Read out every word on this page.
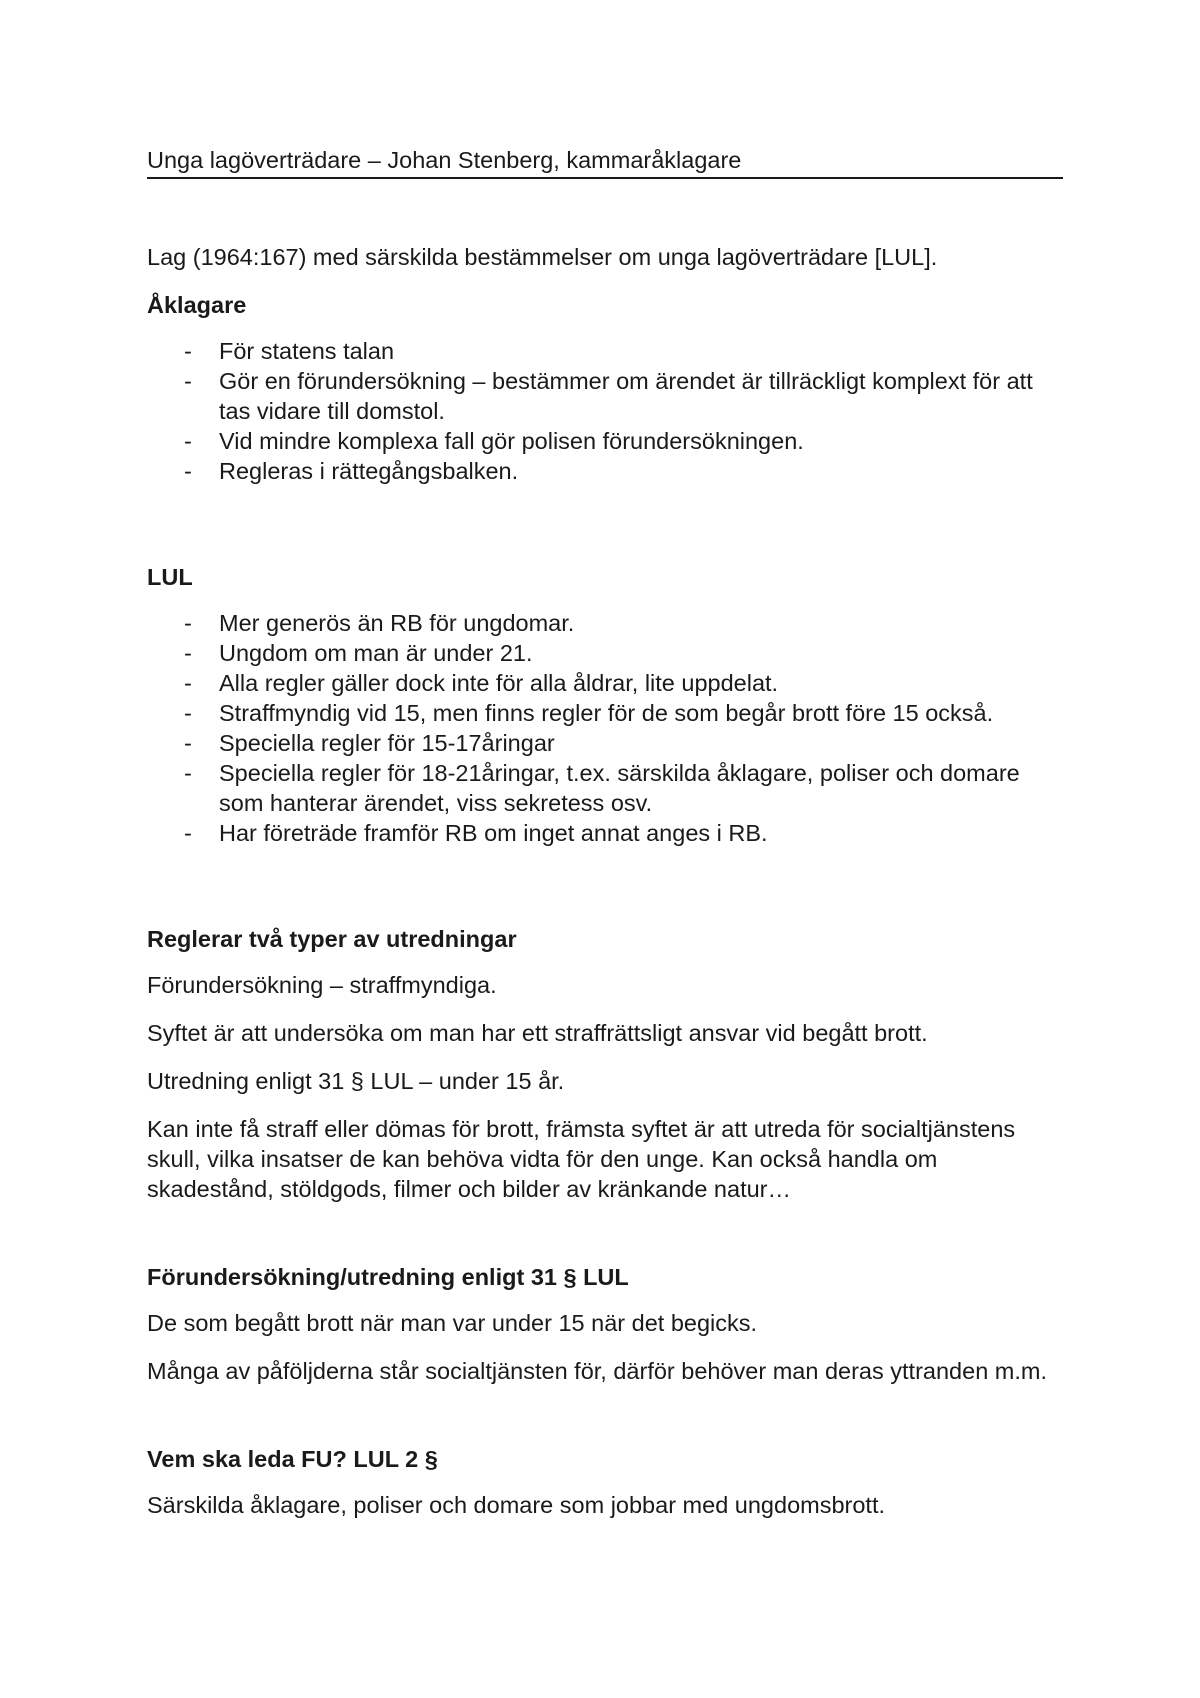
Unga lagöverträdare – Johan Stenberg, kammaråklagare

Lag (1964:167) med särskilda bestämmelser om unga lagöverträdare [LUL].

Åklagare
- För statens talan
- Gör en förundersökning – bestämmer om ärendet är tillräckligt komplext för att tas vidare till domstol.
- Vid mindre komplexa fall gör polisen förundersökningen.
- Regleras i rättegångsbalken.
LUL
- Mer generös än RB för ungdomar.
- Ungdom om man är under 21.
- Alla regler gäller dock inte för alla åldrar, lite uppdelat.
- Straffmyndig vid 15, men finns regler för de som begår brott före 15 också.
- Speciella regler för 15-17åringar
- Speciella regler för 18-21åringar, t.ex. särskilda åklagare, poliser och domare som hanterar ärendet, viss sekretess osv.
- Har företräde framför RB om inget annat anges i RB.
Reglerar två typer av utredningar

Förundersökning – straffmyndiga.

Syftet är att undersöka om man har ett straffrättsligt ansvar vid begått brott.

Utredning enligt 31 § LUL – under 15 år.

Kan inte få straff eller dömas för brott, främsta syftet är att utreda för socialtjänstens skull, vilka insatser de kan behöva vidta för den unge. Kan också handla om skadestånd, stöldgods, filmer och bilder av kränkande natur…

Förundersökning/utredning enligt 31 § LUL

De som begått brott när man var under 15 när det begicks.

Många av påföljderna står socialtjänsten för, därför behöver man deras yttranden m.m.

Vem ska leda FU? LUL 2 §

Särskilda åklagare, poliser och domare som jobbar med ungdomsbrott.
